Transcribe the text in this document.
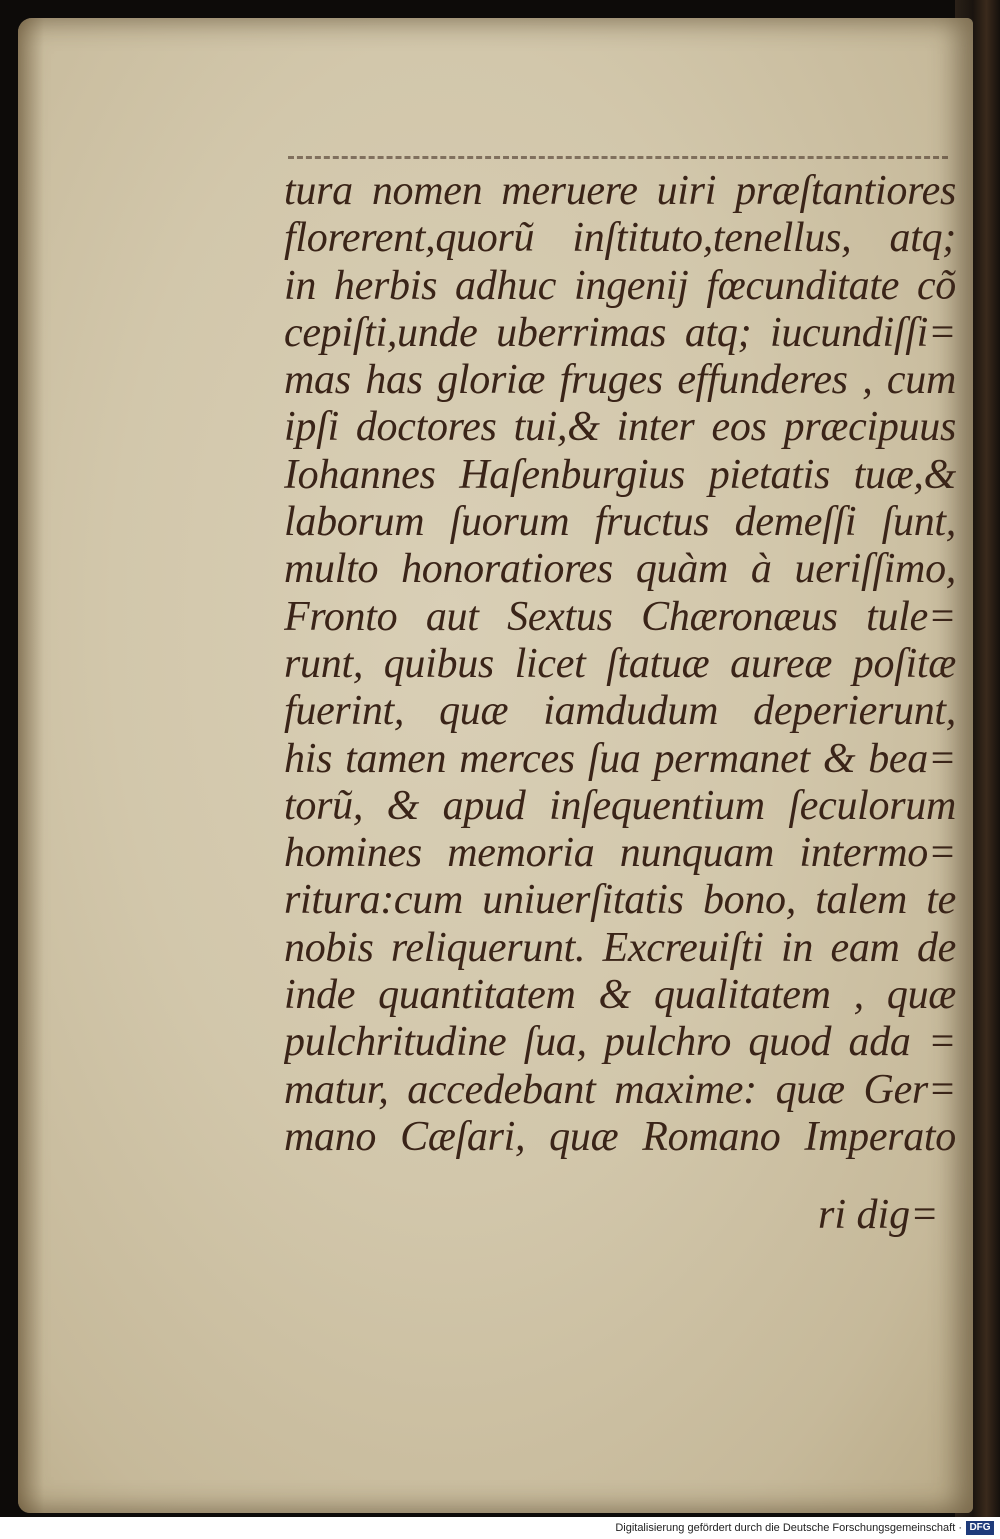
tura nomen meruere uiri præſtantiores
florerent,quorũ inſtituto,tenellus, atq;
in herbis adhuc ingenij fœcunditate cõ
cepiſti,unde uberrimas atq; iucundiſſi=
mas has gloriæ fruges effunderes , cum
ipſi doctores tui,& inter eos præcipuus
Iohannes Haſenburgius pietatis tuæ,&
laborum ſuorum fructus demeſſi ſunt,
multo honoratiores quàm à ueriſſimo,
Fronto aut Sextus Chæronæus tule=
runt, quibus licet ſtatuæ aureæ poſitæ
fuerint, quæ iamdudum deperierunt,
his tamen merces ſua permanet & bea=
torũ, & apud inſequentium ſeculorum
homines memoria nunquam intermo=
ritura:cum uniuerſitatis bono, talem te
nobis reliquerunt. Excreuiſti in eam de
inde quantitatem & qualitatem , quæ
pulchritudine ſua, pulchro quod ada =
matur, accedebant maxime: quæ Ger=
mano Cæſari, quæ Romano Imperato
ri dig=
Digitalisierung gefördert durch die Deutsche Forschungsgemeinschaft · DFG
